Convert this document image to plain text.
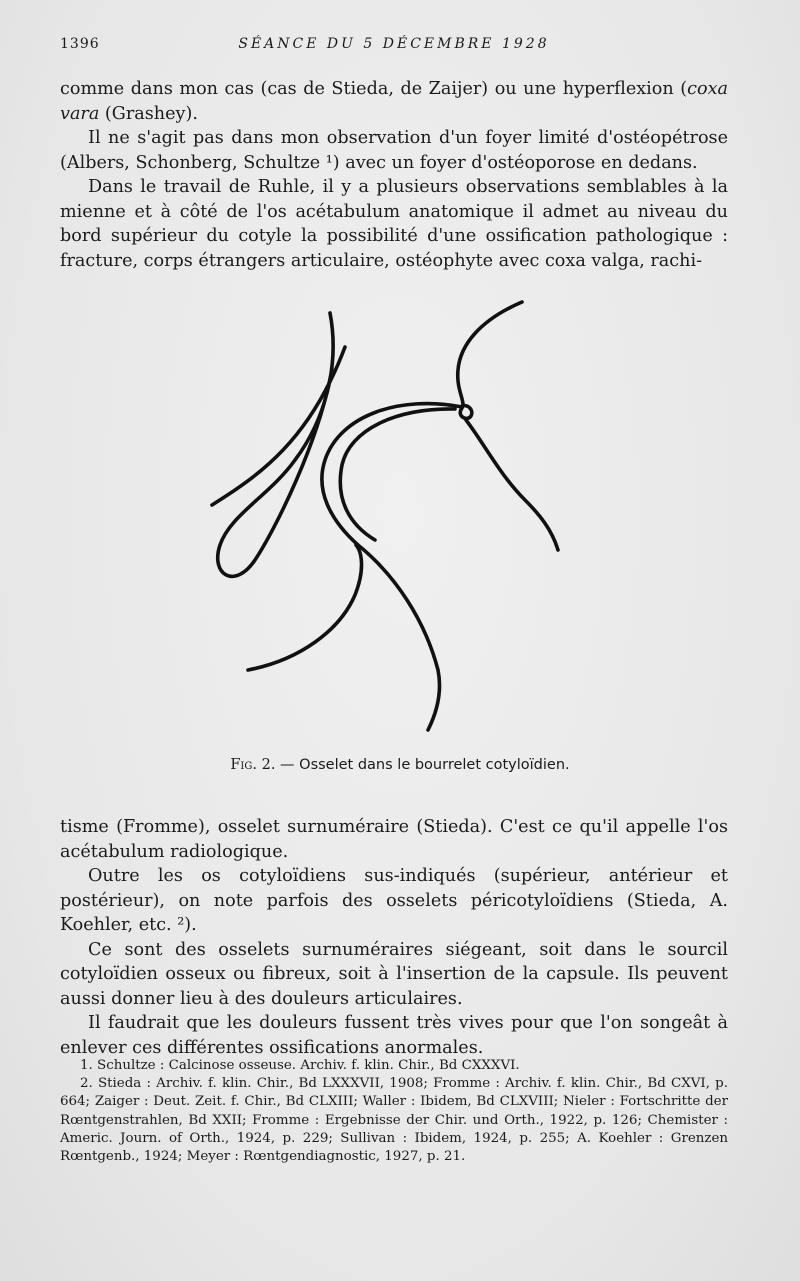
1396	SÉANCE DU 5 DÉCEMBRE 1928

comme dans mon cas (cas de Stieda, de Zaijer) ou une hyperflexion (coxa vara (Grashey).

Il ne s'agit pas dans mon observation d'un foyer limité d'ostéopétrose (Albers, Schonberg, Schultze ¹) avec un foyer d'ostéoporose en dedans.

Dans le travail de Ruhle, il y a plusieurs observations semblables à la mienne et à côté de l'os acétabulum anatomique il admet au niveau du bord supérieur du cotyle la possibilité d'une ossification pathologique : fracture, corps étrangers articulaire, ostéophyte avec coxa valga, rachi-

Fig. 2. — Osselet dans le bourrelet cotyloïdien.

tisme (Fromme), osselet surnuméraire (Stieda). C'est ce qu'il appelle l'os acétabulum radiologique.

Outre les os cotyloïdiens sus-indiqués (supérieur, antérieur et postérieur), on note parfois des osselets péricotyloïdiens (Stieda, A. Koehler, etc. ²).

Ce sont des osselets surnuméraires siégeant, soit dans le sourcil cotyloïdien osseux ou fibreux, soit à l'insertion de la capsule. Ils peuvent aussi donner lieu à des douleurs articulaires.

Il faudrait que les douleurs fussent très vives pour que l'on songeât à enlever ces différentes ossifications anormales.

1. Schultze : Calcinose osseuse. Archiv. f. klin. Chir., Bd CXXXVI.

2. Stieda : Archiv. f. klin. Chir., Bd LXXXVII, 1908; Fromme : Archiv. f. klin. Chir., Bd CXVI, p. 664; Zaiger : Deut. Zeit. f. Chir., Bd CLXIII; Waller : Ibidem, Bd CLXVIII; Nieler : Fortschritte der Rœntgenstrahlen, Bd XXII; Fromme : Ergebnisse der Chir. und Orth., 1922, p. 126; Chemister : Americ. Journ. of Orth., 1924, p. 229; Sullivan : Ibidem, 1924, p. 255; A. Koehler : Grenzen Rœntgenb., 1924; Meyer : Rœntgendiagnostic, 1927, p. 21.
